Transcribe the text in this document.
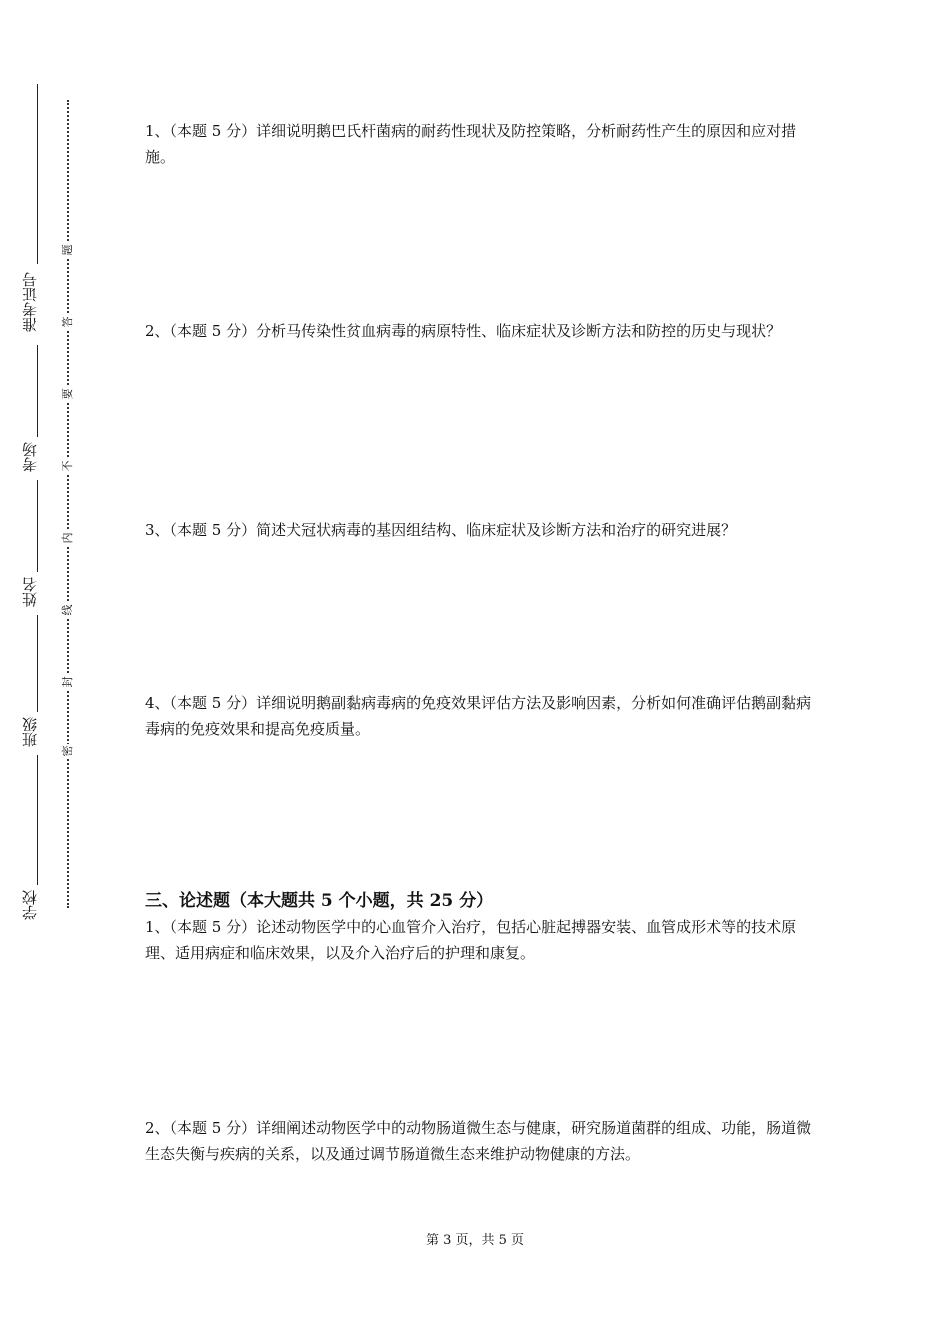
准考证号
考场
姓名
班级
学校
密
封
线
内
不
要
答
题

1、（本题 5 分）详细说明鹅巴氏杆菌病的耐药性现状及防控策略，分析耐药性产生的原因和应对措施。

2、（本题 5 分）分析马传染性贫血病毒的病原特性、临床症状及诊断方法和防控的历史与现状？

3、（本题 5 分）简述犬冠状病毒的基因组结构、临床症状及诊断方法和治疗的研究进展？

4、（本题 5 分）详细说明鹅副黏病毒病的免疫效果评估方法及影响因素，分析如何准确评估鹅副黏病毒病的免疫效果和提高免疫质量。

三、论述题（本大题共 5 个小题，共 25 分）

1、（本题 5 分）论述动物医学中的心血管介入治疗，包括心脏起搏器安装、血管成形术等的技术原理、适用病症和临床效果，以及介入治疗后的护理和康复。

2、（本题 5 分）详细阐述动物医学中的动物肠道微生态与健康，研究肠道菌群的组成、功能，肠道微生态失衡与疾病的关系，以及通过调节肠道微生态来维护动物健康的方法。

第 3 页，共 5 页
